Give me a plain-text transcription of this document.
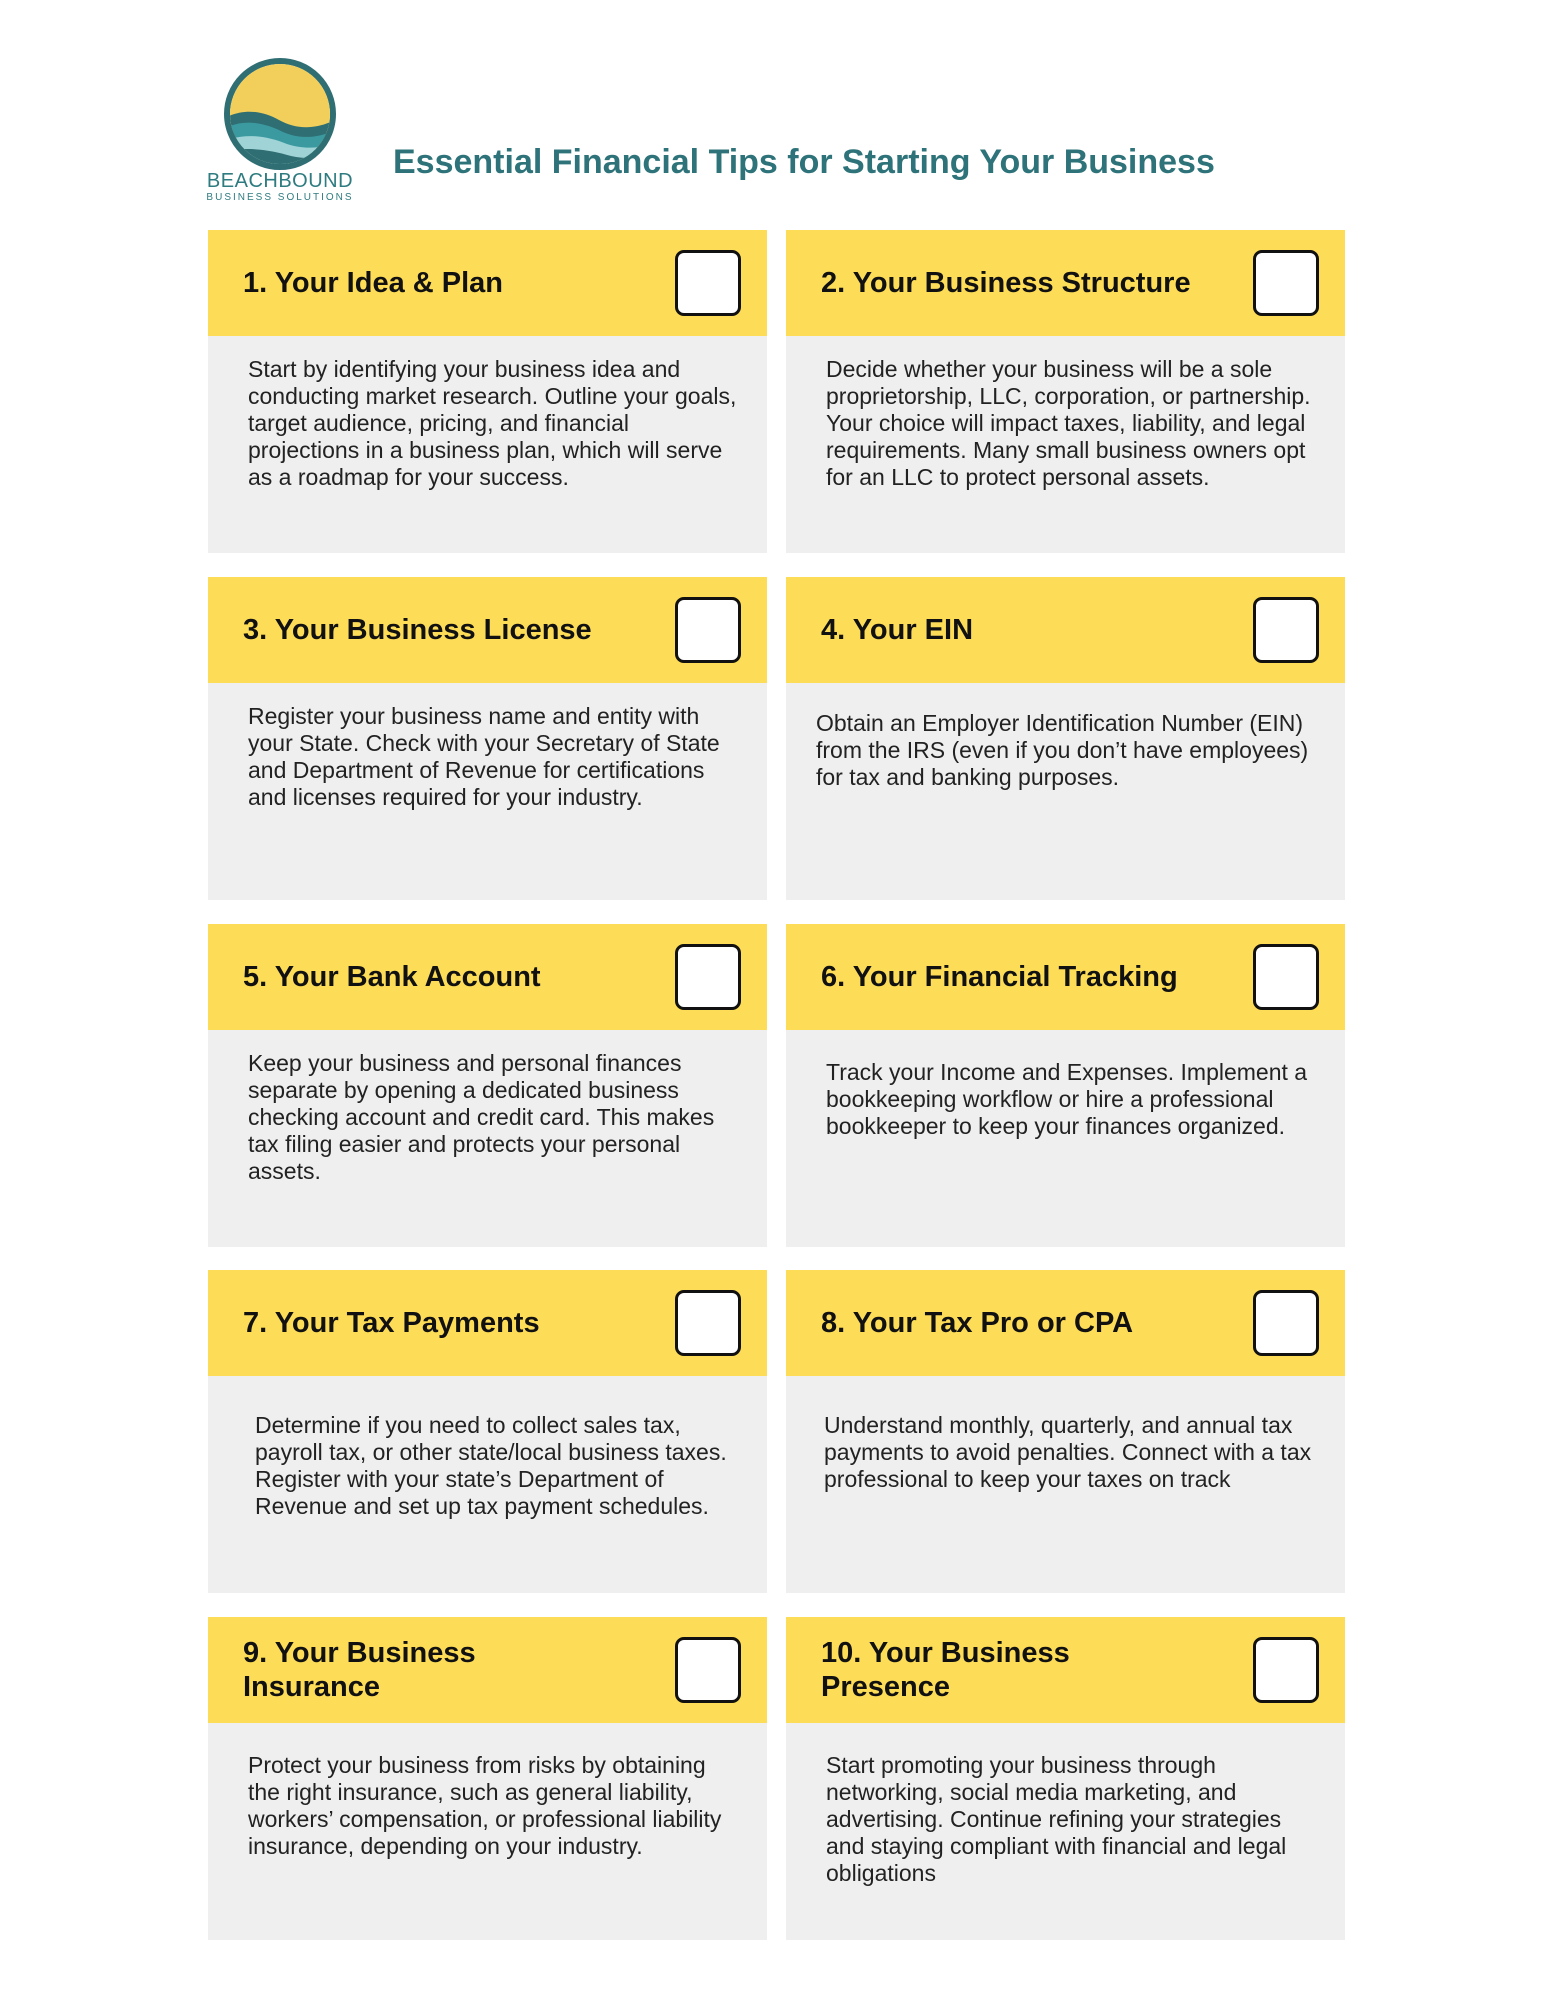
BEACHBOUND
BUSINESS SOLUTIONS
Essential Financial Tips for Starting Your Business
1. Your Idea & Plan
Start by identifying your business idea and conducting market research. Outline your goals, target audience, pricing, and financial projections in a business plan, which will serve as a roadmap for your success.
2. Your Business Structure
Decide whether your business will be a sole proprietorship, LLC, corporation, or partnership. Your choice will impact taxes, liability, and legal requirements. Many small business owners opt for an LLC to protect personal assets.
3. Your Business License
Register your business name and entity with your State. Check with your Secretary of State and Department of Revenue for certifications and licenses required for your industry.
4. Your EIN
Obtain an Employer Identification Number (EIN) from the IRS (even if you don’t have employees) for tax and banking purposes.
5. Your Bank Account
Keep your business and personal finances separate by opening a dedicated business checking account and credit card. This makes tax filing easier and protects your personal assets.
6. Your Financial Tracking
Track your Income and Expenses. Implement a bookkeeping workflow or hire a professional bookkeeper to keep your finances organized.
7. Your Tax Payments
Determine if you need to collect sales tax, payroll tax, or other state/local business taxes. Register with your state’s Department of Revenue and set up tax payment schedules.
8. Your Tax Pro or CPA
Understand monthly, quarterly, and annual tax payments to avoid penalties. Connect with a tax professional to keep your taxes on track
9. Your Business Insurance
Protect your business from risks by obtaining the right insurance, such as general liability, workers’ compensation, or professional liability insurance, depending on your industry.
10. Your Business Presence
Start promoting your business through networking, social media marketing, and advertising. Continue refining your strategies and staying compliant with financial and legal obligations
